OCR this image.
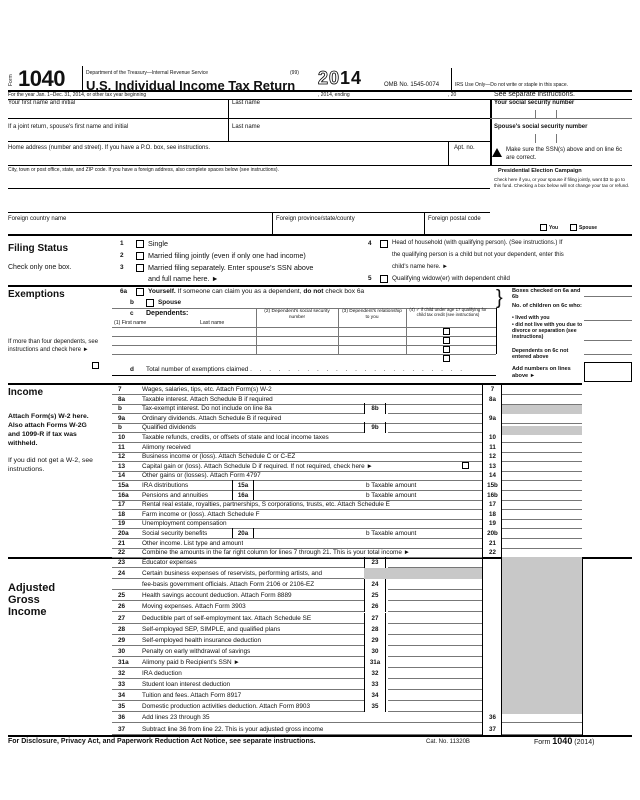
Form 1040	Department of the Treasury—Internal Revenue Service	(99)
U.S. Individual Income Tax Return 2014	OMB No. 1545-0074	IRS Use Only—Do not write or staple in this space.
For the year Jan. 1–Dec. 31, 2014, or other tax year beginning	, 2014, ending	, 20	See separate instructions.
Your first name and initial	Last name	Your social security number
If a joint return, spouse's first name and initial	Last name	Spouse's social security number
Home address (number and street). If you have a P.O. box, see instructions.	Apt. no.	Make sure the SSN(s) above and on line 6c are correct.
City, town or post office, state, and ZIP code. If you have a foreign address, also complete spaces below (see instructions).	Presidential Election Campaign
Check here if you, or your spouse if filing jointly, want $3 to go to this fund. Checking a box below will not change your tax or refund.
Foreign country name	Foreign province/state/county	Foreign postal code
You	Spouse
Filing Status
Check only one box.
1	Single
2	Married filing jointly (even if only one had income)
3	Married filing separately. Enter spouse's SSN above
and full name here. ►
4	Head of household (with qualifying person). (See instructions.) If
the qualifying person is a child but not your dependent, enter this
child's name here. ►
5	Qualifying widow(er) with dependent child
Exemptions	6a	Yourself. If someone can claim you as a dependent, do not check box 6a
b	Spouse	}
c Dependents:
(1) First name	Last name
(2) Dependent's social security number
(3) Dependent's relationship to you
(4) ✓ if child under age 17 qualifying for child tax credit (see instructions)
If more than four dependents, see instructions and check here ►
d Total number of exemptions claimed . . . . . . . . . . . . . . . . . . . . . . .
Boxes checked on 6a and 6b
No. of children on 6c who:
• lived with you
• did not live with you due to divorce or separation (see instructions)
Dependents on 6c not entered above
Add numbers on lines above ►
Income
Attach Form(s) W-2 here. Also attach Forms W-2G and 1099-R if tax was withheld.
If you did not get a W-2, see instructions.
Adjusted
Gross
Income
7	Wages, salaries, tips, etc. Attach Form(s) W-2	7
8a	Taxable interest. Attach Schedule B if required	8a
b	Tax-exempt interest. Do not include on line 8a	8b
9a	Ordinary dividends. Attach Schedule B if required	9a
b	Qualified dividends	9b
10	Taxable refunds, credits, or offsets of state and local income taxes	10
11	Alimony received	11
12	Business income or (loss). Attach Schedule C or C-EZ	12
13	Capital gain or (loss). Attach Schedule D if required. If not required, check here ►	13
14	Other gains or (losses). Attach Form 4797	14
15a IRA distributions	15a	b Taxable amount	15b
16a Pensions and annuities	16a	b Taxable amount	16b
17	Rental real estate, royalties, partnerships, S corporations, trusts, etc. Attach Schedule E	17
18	Farm income or (loss). Attach Schedule F	18
19	Unemployment compensation	19
20a Social security benefits	20a	b Taxable amount	20b
21	Other income. List type and amount	21
22	Combine the amounts in the far right column for lines 7 through 21. This is your total income ►	22
23	Educator expenses	23
24	Certain business expenses of reservists, performing artists, and
fee-basis government officials. Attach Form 2106 or 2106-EZ	24
25	Health savings account deduction. Attach Form 8889	25
26	Moving expenses. Attach Form 3903	26
27	Deductible part of self-employment tax. Attach Schedule SE	27
28	Self-employed SEP, SIMPLE, and qualified plans	28
29	Self-employed health insurance deduction	29
30	Penalty on early withdrawal of savings	30
31a Alimony paid b Recipient's SSN ►	31a
32	IRA deduction	32
33	Student loan interest deduction	33
34	Tuition and fees. Attach Form 8917	34
35	Domestic production activities deduction. Attach Form 8903	35
36	Add lines 23 through 35	36
37	Subtract line 36 from line 22. This is your adjusted gross income	37
For Disclosure, Privacy Act, and Paperwork Reduction Act Notice, see separate instructions.	Cat. No. 11320B	Form 1040 (2014)
